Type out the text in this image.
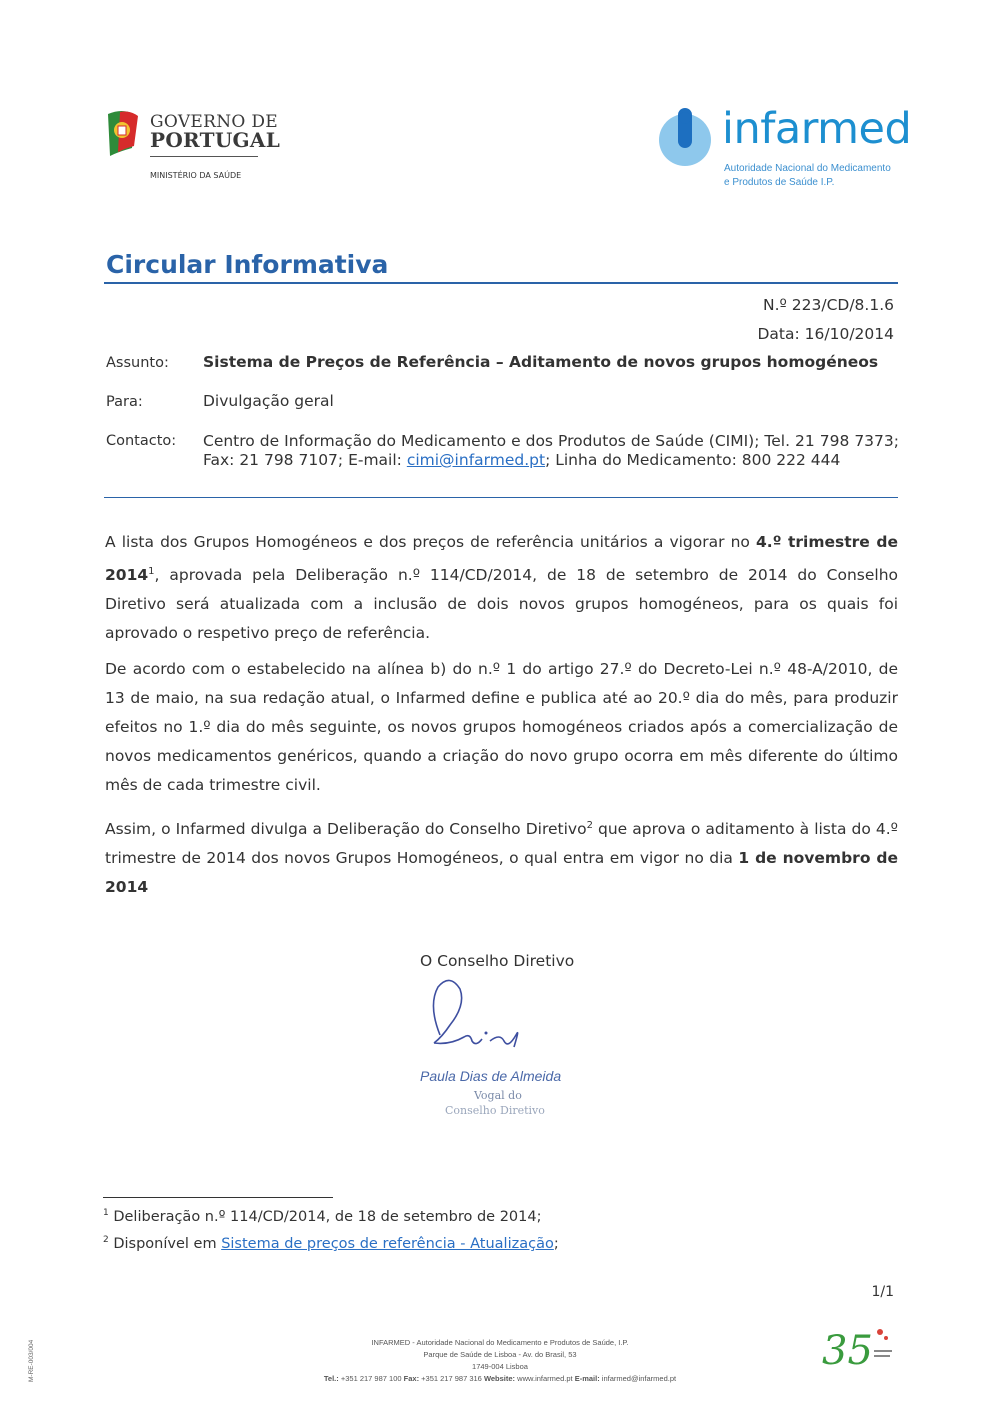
GOVERNO DE
PORTUGAL
MINISTÉRIO DA SAÚDE
infarmed
Autoridade Nacional do Medicamento
e Produtos de Saúde I.P.
Circular Informativa
N.º 223/CD/8.1.6
Data: 16/10/2014
Assunto: Sistema de Preços de Referência – Aditamento de novos grupos homogéneos
Para:	Divulgação geral
Contacto: Centro de Informação do Medicamento e dos Produtos de Saúde (CIMI); Tel. 21 798 7373; Fax: 21 798 7107; E-mail: cimi@infarmed.pt; Linha do Medicamento: 800 222 444
A lista dos Grupos Homogéneos e dos preços de referência unitários a vigorar no 4.º trimestre de 2014$^1$, aprovada pela Deliberação n.º 114/CD/2014, de 18 de setembro de 2014 do Conselho Diretivo será atualizada com a inclusão de dois novos grupos homogéneos, para os quais foi aprovado o respetivo preço de referência.
De acordo com o estabelecido na alínea b) do n.º 1 do artigo 27.º do Decreto-Lei n.º 48-A/2010, de 13 de maio, na sua redação atual, o Infarmed define e publica até ao 20.º dia do mês, para produzir efeitos no 1.º dia do mês seguinte, os novos grupos homogéneos criados após a comercialização de novos medicamentos genéricos, quando a criação do novo grupo ocorra em mês diferente do último mês de cada trimestre civil.
Assim, o Infarmed divulga a Deliberação do Conselho Diretivo$^2$ que aprova o aditamento à lista do 4.º trimestre de 2014 dos novos Grupos Homogéneos, o qual entra em vigor no dia 1 de novembro de 2014
O Conselho Diretivo
Paula Dias de Almeida
Vogal do
Conselho Diretivo
$^1$ Deliberação n.º 114/CD/2014, de 18 de setembro de 2014;
$^2$ Disponível em Sistema de preços de referência - Atualização;
1/1
INFARMED - Autoridade Nacional do Medicamento e Produtos de Saúde, I.P.
Parque de Saúde de Lisboa - Av. do Brasil, 53
1749-004 Lisboa
Tel.: +351 217 987 100 Fax: +351 217 987 316 Website: www.infarmed.pt E-mail: infarmed@infarmed.pt
M-RE-003/004	35
